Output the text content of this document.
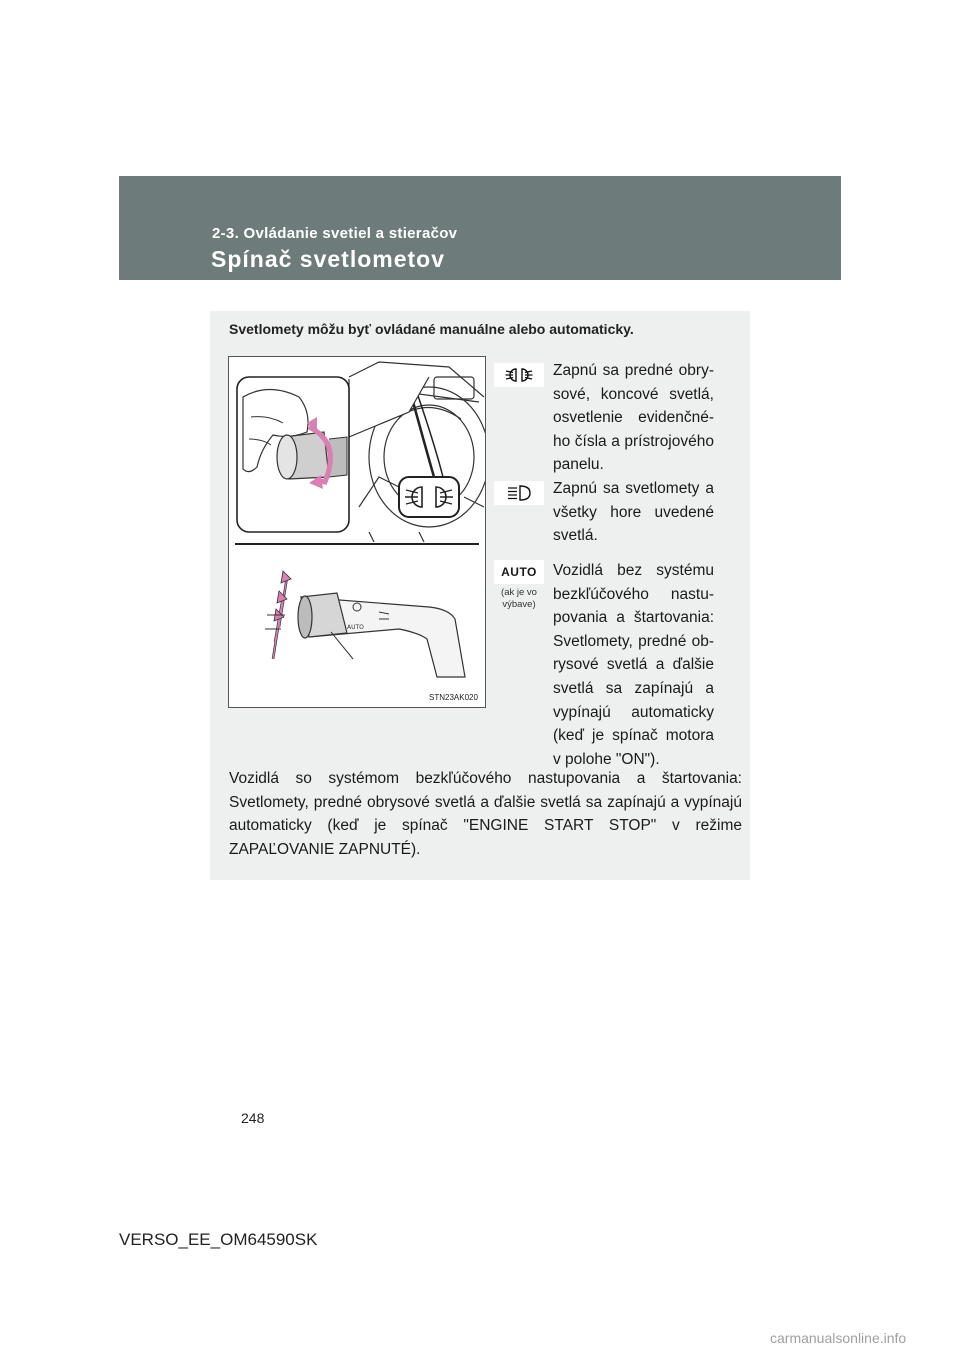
2-3. Ovládanie svetiel a stieračov
Spínač svetlometov
Svetlomety môžu byť ovládané manuálne alebo automaticky.
AUTO
STN23AK020
Zapnú sa predné obrysové, koncové svetlá, osvetlenie evidenčného čísla a prístrojového panelu.
Zapnú sa svetlomety a všetky hore uvedené svetlá.
AUTO
(ak je vo výbave)
Vozidlá bez systému bezkľúčového nastupovania a štartovania: Svetlomety, predné obrysové svetlá a ďalšie svetlá sa zapínajú a vypínajú automaticky (keď je spínač motora v polohe "ON").
Vozidlá so systémom bezkľúčového nastupovania a štartovania: Svetlomety, predné obrysové svetlá a ďalšie svetlá sa zapínajú a vypínajú automaticky (keď je spínač "ENGINE START STOP" v režime ZAPAĽOVANIE ZAPNUTÉ).
248
VERSO_EE_OM64590SK
carmanualsonline.info
